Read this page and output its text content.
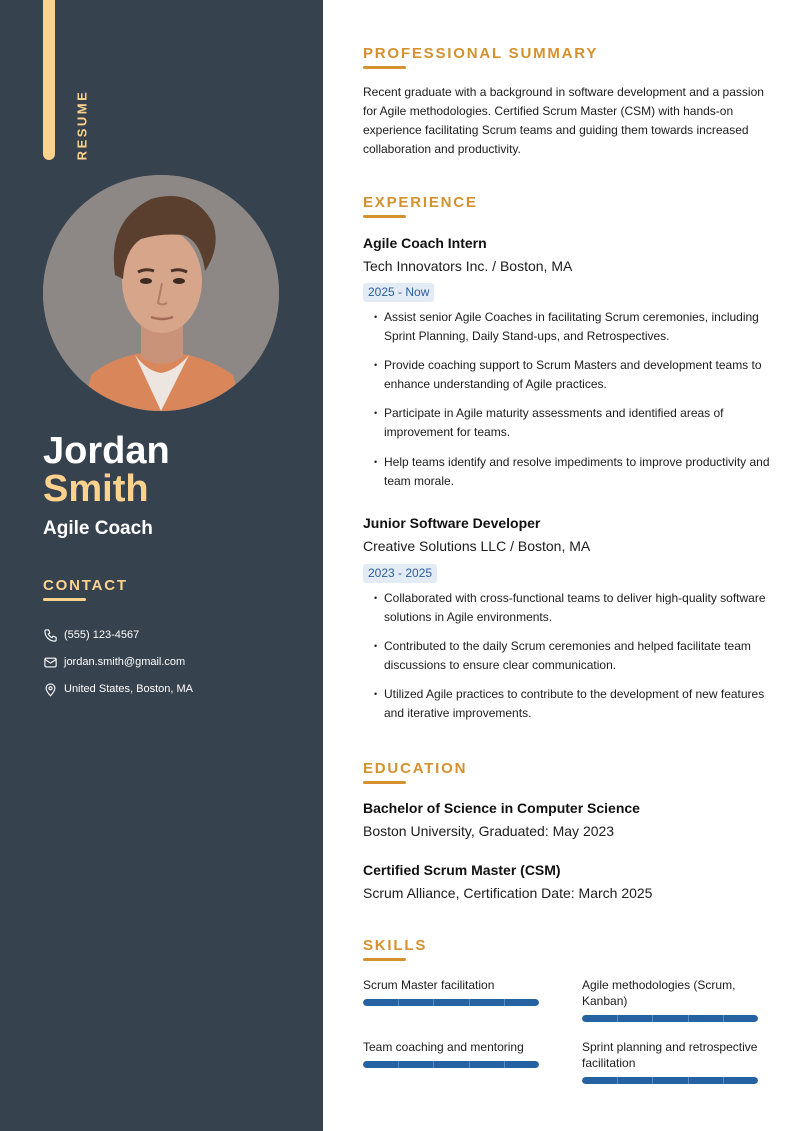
RESUME
Jordan
Smith
Agile Coach
CONTACT
(555) 123-4567
jordan.smith@gmail.com
United States, Boston, MA
PROFESSIONAL SUMMARY

Recent graduate with a background in software development and a passion for Agile methodologies. Certified Scrum Master (CSM) with hands-on experience facilitating Scrum teams and guiding them towards increased collaboration and productivity.

EXPERIENCE
Agile Coach Intern
Tech Innovators Inc. / Boston, MA
2025 - Now
• Assist senior Agile Coaches in facilitating Scrum ceremonies, including Sprint Planning, Daily Stand-ups, and Retrospectives.
• Provide coaching support to Scrum Masters and development teams to enhance understanding of Agile practices.
• Participate in Agile maturity assessments and identified areas of improvement for teams.
• Help teams identify and resolve impediments to improve productivity and team morale.
Junior Software Developer
Creative Solutions LLC / Boston, MA
2023 - 2025
• Collaborated with cross-functional teams to deliver high-quality software solutions in Agile environments.
• Contributed to the daily Scrum ceremonies and helped facilitate team discussions to ensure clear communication.
• Utilized Agile practices to contribute to the development of new features and iterative improvements.
EDUCATION
Bachelor of Science in Computer Science
Boston University, Graduated: May 2023
Certified Scrum Master (CSM)
Scrum Alliance, Certification Date: March 2025
SKILLS
Scrum Master facilitation	Agile methodologies (Scrum, Kanban)
Team coaching and mentoring	Sprint planning and retrospective facilitation
